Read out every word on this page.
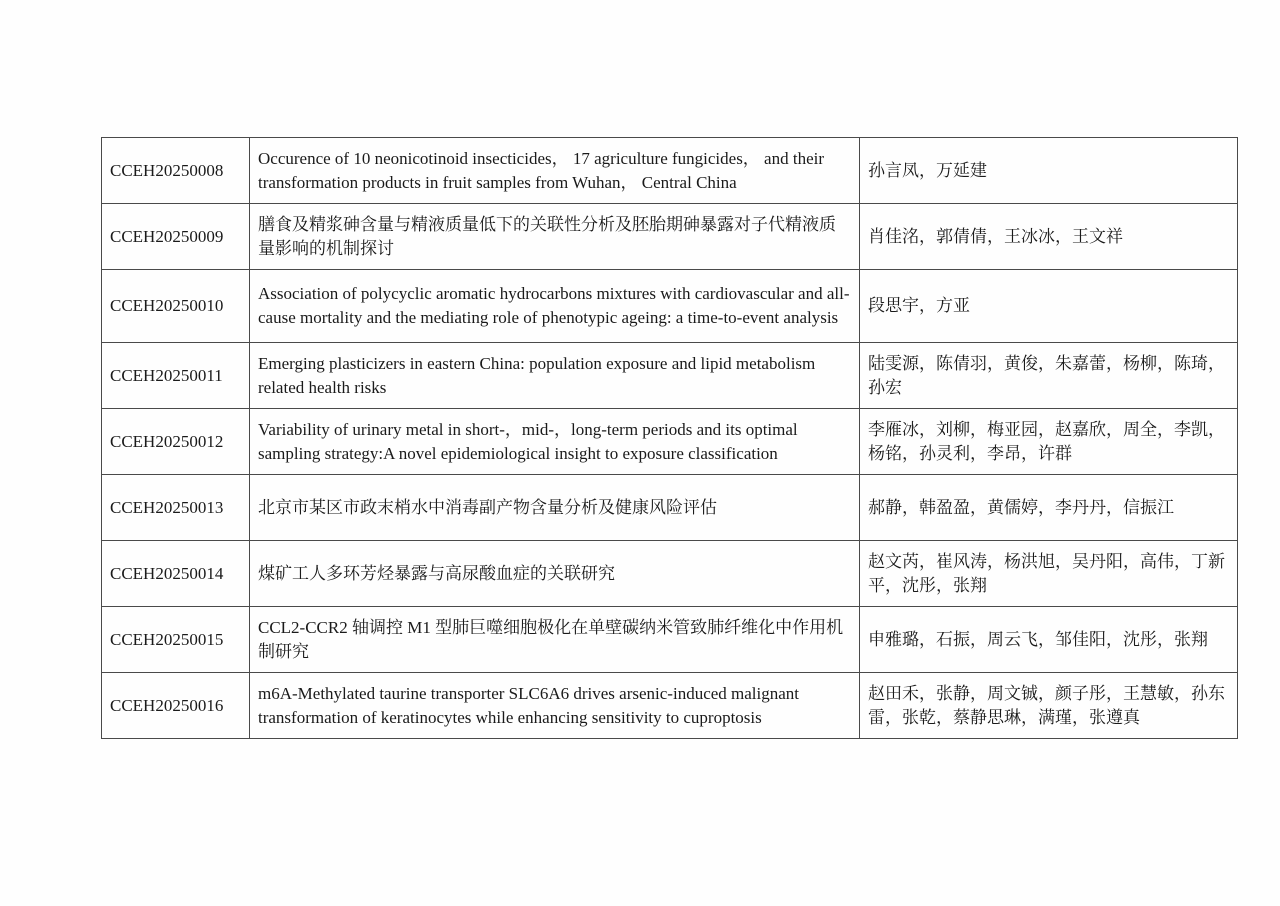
CCEH20250008	Occurence of 10 neonicotinoid insecticides， 17 agriculture fungicides， and their transformation products in fruit samples from Wuhan， Central China	孙言凤，万延建
CCEH20250009	膳食及精浆砷含量与精液质量低下的关联性分析及胚胎期砷暴露对子代精液质量影响的机制探讨	肖佳洺，郭倩倩，王冰冰，王文祥
CCEH20250010	Association of polycyclic aromatic hydrocarbons mixtures with cardiovascular and all-cause mortality and the mediating role of phenotypic ageing: a time-to-event analysis	段思宇，方亚
CCEH20250011	Emerging plasticizers in eastern China: population exposure and lipid metabolism related health risks	陆雯源，陈倩羽，黄俊，朱嘉蕾，杨柳，陈琦，孙宏
CCEH20250012	Variability of urinary metal in short-，mid-，long-term periods and its optimal sampling strategy:A novel epidemiological insight to exposure classification	李雁冰，刘柳，梅亚园，赵嘉欣，周全，李凯，杨铭，孙灵利，李昂，许群
CCEH20250013	北京市某区市政末梢水中消毒副产物含量分析及健康风险评估	郝静，韩盈盈，黄儒婷，李丹丹，信振江
CCEH20250014	煤矿工人多环芳烃暴露与高尿酸血症的关联研究	赵文芮，崔风涛，杨洪旭，吴丹阳，高伟，丁新平，沈彤，张翔
CCEH20250015	CCL2-CCR2 轴调控 M1 型肺巨噬细胞极化在单壁碳纳米管致肺纤维化中作用机制研究	申雅璐，石振，周云飞，邹佳阳，沈彤，张翔
CCEH20250016	m6A-Methylated taurine transporter SLC6A6 drives arsenic-induced malignant transformation of keratinocytes while enhancing sensitivity to cuproptosis	赵田禾，张静，周文铖，颜子彤，王慧敏，孙东雷，张乾，蔡静思琳，满瑾，张遵真
